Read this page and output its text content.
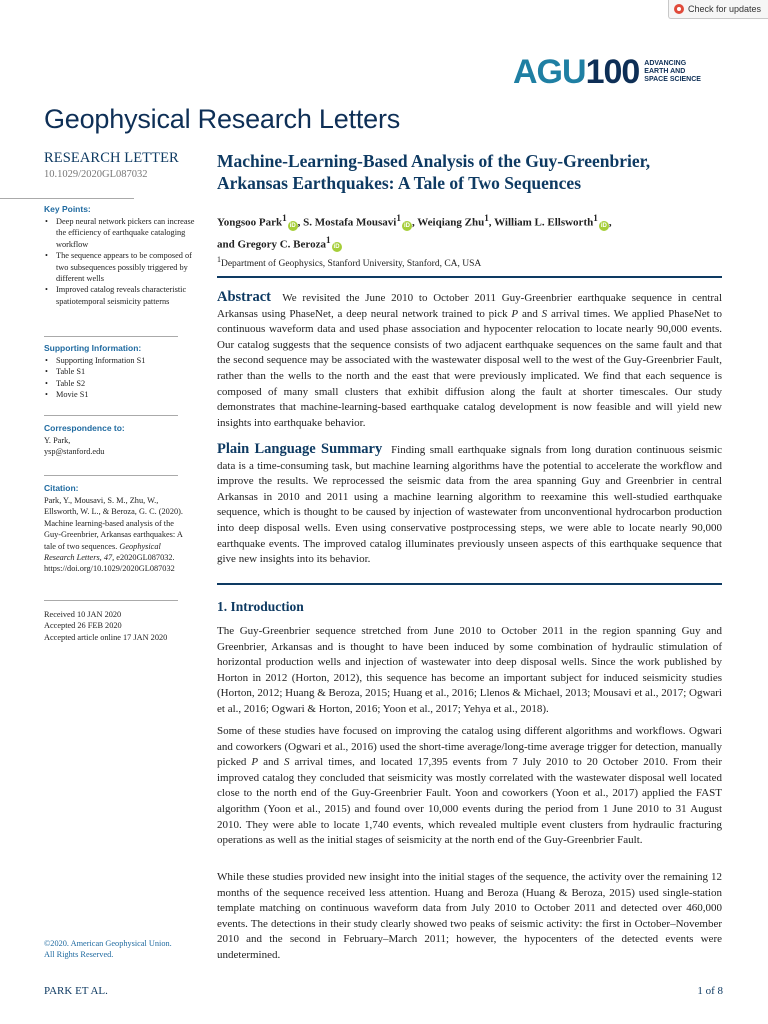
Check for updates
AGU100 ADVANCING
EARTH AND
SPACE SCIENCE
Geophysical Research Letters
RESEARCH LETTER
10.1029/2020GL087032
Key Points:
• Deep neural network pickers can increase the efficiency of earthquake cataloging workflow
• The sequence appears to be composed of two subsequences possibly triggered by different wells
• Improved catalog reveals characteristic spatiotemporal seismicity patterns
Supporting Information:
• Supporting Information S1
• Table S1
• Table S2
• Movie S1
Correspondence to:
Y. Park,
ysp@stanford.edu
Citation:
Park, Y., Mousavi, S. M., Zhu, W., Ellsworth, W. L., & Beroza, G. C. (2020). Machine learning-based analysis of the Guy-Greenbrier, Arkansas earthquakes: A tale of two sequences. Geophysical Research Letters, 47, e2020GL087032. https://doi.org/10.1029/2020GL087032
Received 10 JAN 2020
Accepted 26 FEB 2020
Accepted article online 17 JAN 2020
©2020. American Geophysical Union.
All Rights Reserved.
Machine-Learning-Based Analysis of the Guy-Greenbrier, Arkansas Earthquakes: A Tale of Two Sequences
Yongsoo Park$^1$iD , S. Mostafa Mousavi$^1$iD , Weiqiang Zhu$^1$, William L. Ellsworth$^1$iD ,
and Gregory C. Beroza$^1$iD
$^1$Department of Geophysics, Stanford University, Stanford, CA, USA
Abstract We revisited the June 2010 to October 2011 Guy-Greenbrier earthquake sequence in central Arkansas using PhaseNet, a deep neural network trained to pick P and S arrival times. We applied PhaseNet to continuous waveform data and used phase association and hypocenter relocation to locate nearly 90,000 events. Our catalog suggests that the sequence consists of two adjacent earthquake sequences on the same fault and that the second sequence may be associated with the wastewater disposal well to the west of the Guy-Greenbrier Fault, rather than the wells to the north and the east that were previously implicated. We find that each sequence is composed of many small clusters that exhibit diffusion along the fault at shorter timescales. Our study demonstrates that machine-learning-based earthquake catalog development is now feasible and will yield new insights into earthquake behavior.
Plain Language Summary Finding small earthquake signals from long duration continuous seismic data is a time-consuming task, but machine learning algorithms have the potential to accelerate the workflow and improve the results. We reprocessed the seismic data from the area spanning Guy and Greenbrier in central Arkansas in 2010 and 2011 using a machine learning algorithm to reexamine this well-studied earthquake sequence, which is thought to be caused by injection of wastewater from unconventional hydrocarbon production into deep disposal wells. Even using conservative postprocessing steps, we were able to locate nearly 90,000 earthquake events. The improved catalog illuminates previously unseen aspects of this earthquake sequence that give new insights into its behavior.
1. Introduction
The Guy-Greenbrier sequence stretched from June 2010 to October 2011 in the region spanning Guy and Greenbrier, Arkansas and is thought to have been induced by some combination of hydraulic stimulation of horizontal production wells and injection of wastewater into deep disposal wells. Since the work published by Horton in 2012 (Horton, 2012), this sequence has become an important subject for induced seismicity studies (Horton, 2012; Huang & Beroza, 2015; Huang et al., 2016; Llenos & Michael, 2013; Mousavi et al., 2017; Ogwari et al., 2016; Ogwari & Horton, 2016; Yoon et al., 2017; Yehya et al., 2018).
Some of these studies have focused on improving the catalog using different algorithms and workflows. Ogwari and coworkers (Ogwari et al., 2016) used the short-time average/long-time average trigger for detection, manually picked P and S arrival times, and located 17,395 events from 7 July 2010 to 20 October 2010. From their improved catalog they concluded that seismicity was mostly correlated with the wastewater disposal well located close to the north end of the Guy-Greenbrier Fault. Yoon and coworkers (Yoon et al., 2017) applied the FAST algorithm (Yoon et al., 2015) and found over 10,000 events during the period from 1 June 2010 to 31 August 2010. They were able to locate 1,740 events, which revealed multiple event clusters from hydraulic fracturing operations as well as the initial stages of seismicity at the north end of the Guy-Greenbrier Fault.
While these studies provided new insight into the initial stages of the sequence, the activity over the remaining 12 months of the sequence received less attention. Huang and Beroza (Huang & Beroza, 2015) used single-station template matching on continuous waveform data from July 2010 to October 2011 and detected over 460,000 events. The detections in their study clearly showed two peaks of seismic activity: the first in October–November 2010 and the second in February–March 2011; however, the hypocenters of the detected events were undetermined.
PARK ET AL.	1 of 8
